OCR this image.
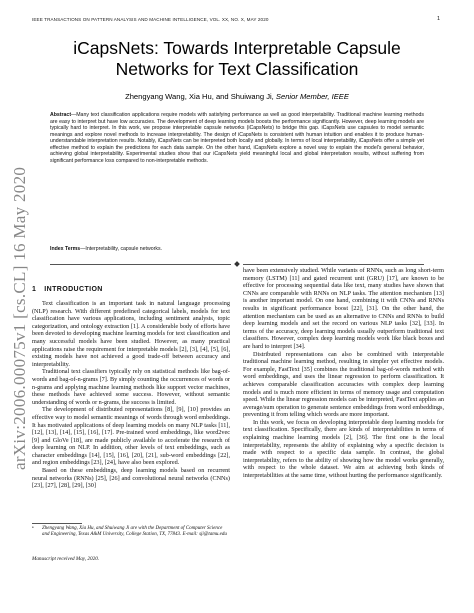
IEEE TRANSACTIONS ON PATTERN ANALYSIS AND MACHINE INTELLIGENCE, VOL. XX, NO. X, MAY 2020	1
arXiv:2006.00075v1 [cs.CL] 16 May 2020
iCapsNets: Towards Interpretable Capsule
Networks for Text Classification
Zhengyang Wang, Xia Hu, and Shuiwang Ji, Senior Member, IEEE
Abstract—Many text classification applications require models with satisfying performance as well as good interpretability. Traditional machine learning methods are easy to interpret but have low accuracies. The development of deep learning models boosts the performance significantly. However, deep learning models are typically hard to interpret. In this work, we propose interpretable capsule networks (iCapsNets) to bridge this gap. iCapsNets use capsules to model semantic meanings and explore novel methods to increase interpretability. The design of iCapsNets is consistent with human intuition and enables it to produce human-understandable interpretation results. Notably, iCapsNets can be interpreted both locally and globally. In terms of local interpretability, iCapsNets offer a simple yet effective method to explain the predictions for each data sample. On the other hand, iCapsNets explore a novel way to explain the model's general behavior, achieving global interpretability. Experimental studies show that our iCapsNets yield meaningful local and global interpretation results, without suffering from significant performance loss compared to non-interpretable methods.
Index Terms—Interpretability, capsule networks.
1 INTRODUCTION

Text classification is an important task in natural language processing (NLP) research. With different predefined categorical labels, models for text classification have various applications, including sentiment analysis, topic categorization, and ontology extraction [1]. A considerable body of efforts have been devoted to developing machine learning models for text classification and many successful models have been studied. However, as many practical applications raise the requirement for interpretable models [2], [3], [4], [5], [6], existing models have not achieved a good trade-off between accuracy and interpretability.

Traditional text classifiers typically rely on statistical methods like bag-of-words and bag-of-n-grams [7]. By simply counting the occurrences of words or n-grams and applying machine learning methods like support vector machines, these methods have achieved some success. However, without semantic understanding of words or n-grams, the success is limited.

The development of distributed representations [8], [9], [10] provides an effective way to model semantic meanings of words through word embeddings. It has motivated applications of deep learning models on many NLP tasks [11], [12], [13], [14], [15], [16], [17]. Pre-trained word embeddings, like word2vec [9] and GloVe [18], are made publicly available to accelerate the research of deep learning on NLP. In addition, other levels of text embeddings, such as character embeddings [14], [15], [16], [20], [21], sub-word embeddings [22], and region embeddings [23], [24], have also been explored.

Based on these embeddings, deep learning models based on recurrent neural networks (RNNs) [25], [26] and convolutional neural networks (CNNs) [23], [27], [28], [29], [30]

have been extensively studied. While variants of RNNs, such as long short-term memory (LSTM) [11] and gated recurrent unit (GRU) [17], are known to be effective for processing sequential data like text, many studies have shown that CNNs are comparable with RNNs on NLP tasks. The attention mechanism [13] is another important model. On one hand, combining it with CNNs and RNNs results in significant performance boost [22], [31]. On the other hand, the attention mechanism can be used as an alternative to CNNs and RNNs to build deep learning models and set the record on various NLP tasks [32], [33]. In terms of the accuracy, deep learning models usually outperform traditional text classifiers. However, complex deep learning models work like black boxes and are hard to interpret [34].

Distributed representations can also be combined with interpretable traditional machine learning method, resulting in simpler yet effective models. For example, FastText [35] combines the traditional bag-of-words method with word embeddings, and uses the linear regression to perform classification. It achieves comparable classification accuracies with complex deep learning models and is much more efficient in terms of memory usage and computation speed. While the linear regression models can be interpreted, FastText applies an average/sum operation to generate sentence embeddings from word embeddings, preventing it from telling which words are more important.

In this work, we focus on developing interpretable deep learning models for text classification. Specifically, there are kinds of interpretabilities in terms of explaining machine learning models [2], [36]. The first one is the local interpretability, represents the ability of explaining why a specific decision is made with respect to a specific data sample. In contrast, the global interpretability, refers to the ability of showing how the model works generally, with respect to the whole dataset. We aim at achieving both kinds of interpretabilities at the same time, without hurting the performance significantly.

•	Zhengyang Wang, Xia Hu, and Shuiwang Ji are with the Department of Computer Science and Engineering, Texas A&M University, College Station, TX, 77843. E-mail: sji@tamu.edu
Manuscript received May, 2020.
